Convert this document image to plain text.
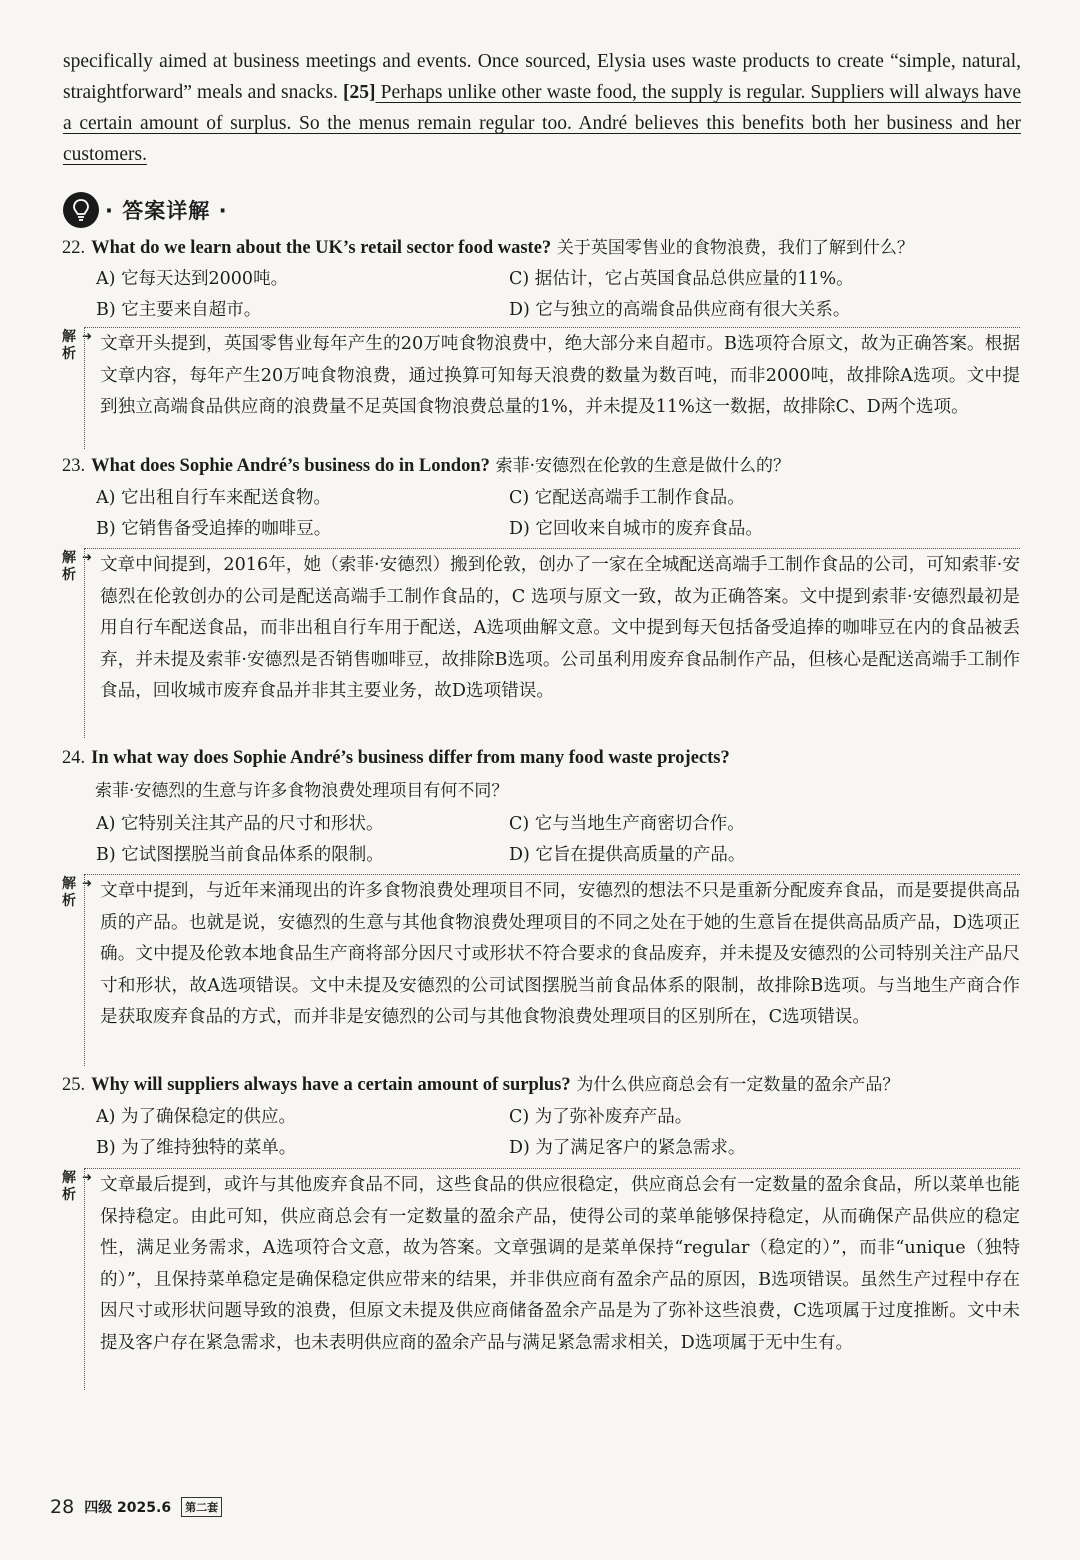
specifically aimed at business meetings and events. Once sourced, Elysia uses waste products to create “simple, natural, straightforward” meals and snacks. [25] Perhaps unlike other waste food, the supply is regular. Suppliers will always have a certain amount of surplus. So the menus remain regular too. André believes this benefits both her business and her customers.
· 答案详解 ·
22. What do we learn about the UK’s retail sector food waste? 关于英国零售业的食物浪费，我们了解到什么？
A) 它每天达到2000吨。	C) 据估计，它占英国食品总供应量的11%。
B) 它主要来自超市。	D) 它与独立的高端食品供应商有很大关系。
解析
➜ 文章开头提到，英国零售业每年产生的20万吨食物浪费中，绝大部分来自超市。B选项符合原文，故为正确答案。根据文章内容，每年产生20万吨食物浪费，通过换算可知每天浪费的数量为数百吨，而非2000吨，故排除A选项。文中提到独立高端食品供应商的浪费量不足英国食物浪费总量的1%，并未提及11%这一数据，故排除C、D两个选项。
23. What does Sophie André’s business do in London? 索菲·安德烈在伦敦的生意是做什么的？
A) 它出租自行车来配送食物。	C) 它配送高端手工制作食品。
B) 它销售备受追捧的咖啡豆。	D) 它回收来自城市的废弃食品。
解析
➜ 文章中间提到，2016年，她（索菲·安德烈）搬到伦敦，创办了一家在全城配送高端手工制作食品的公司，可知索菲·安德烈在伦敦创办的公司是配送高端手工制作食品的，C 选项与原文一致，故为正确答案。文中提到索菲·安德烈最初是用自行车配送食品，而非出租自行车用于配送，A选项曲解文意。文中提到每天包括备受追捧的咖啡豆在内的食品被丢弃，并未提及索菲·安德烈是否销售咖啡豆，故排除B选项。公司虽利用废弃食品制作产品，但核心是配送高端手工制作食品，回收城市废弃食品并非其主要业务，故D选项错误。
24. In what way does Sophie André’s business differ from many food waste projects?
索菲·安德烈的生意与许多食物浪费处理项目有何不同？
A) 它特别关注其产品的尺寸和形状。	C) 它与当地生产商密切合作。
B) 它试图摆脱当前食品体系的限制。	D) 它旨在提供高质量的产品。
解析
➜ 文章中提到，与近年来涌现出的许多食物浪费处理项目不同，安德烈的想法不只是重新分配废弃食品，而是要提供高品质的产品。也就是说，安德烈的生意与其他食物浪费处理项目的不同之处在于她的生意旨在提供高品质产品，D选项正确。文中提及伦敦本地食品生产商将部分因尺寸或形状不符合要求的食品废弃，并未提及安德烈的公司特别关注产品尺寸和形状，故A选项错误。文中未提及安德烈的公司试图摆脱当前食品体系的限制，故排除B选项。与当地生产商合作是获取废弃食品的方式，而并非是安德烈的公司与其他食物浪费处理项目的区别所在，C选项错误。
25. Why will suppliers always have a certain amount of surplus? 为什么供应商总会有一定数量的盈余产品？
A) 为了确保稳定的供应。	C) 为了弥补废弃产品。
B) 为了维持独特的菜单。	D) 为了满足客户的紧急需求。
解析
➜ 文章最后提到，或许与其他废弃食品不同，这些食品的供应很稳定，供应商总会有一定数量的盈余食品，所以菜单也能保持稳定。由此可知，供应商总会有一定数量的盈余产品，使得公司的菜单能够保持稳定，从而确保产品供应的稳定性，满足业务需求，A选项符合文意，故为答案。文章强调的是菜单保持“regular（稳定的）”，而非“unique（独特的）”，且保持菜单稳定是确保稳定供应带来的结果，并非供应商有盈余产品的原因，B选项错误。虽然生产过程中存在因尺寸或形状问题导致的浪费，但原文未提及供应商储备盈余产品是为了弥补这些浪费，C选项属于过度推断。文中未提及客户存在紧急需求，也未表明供应商的盈余产品与满足紧急需求相关，D选项属于无中生有。
28 四级 2025.6	第二套
